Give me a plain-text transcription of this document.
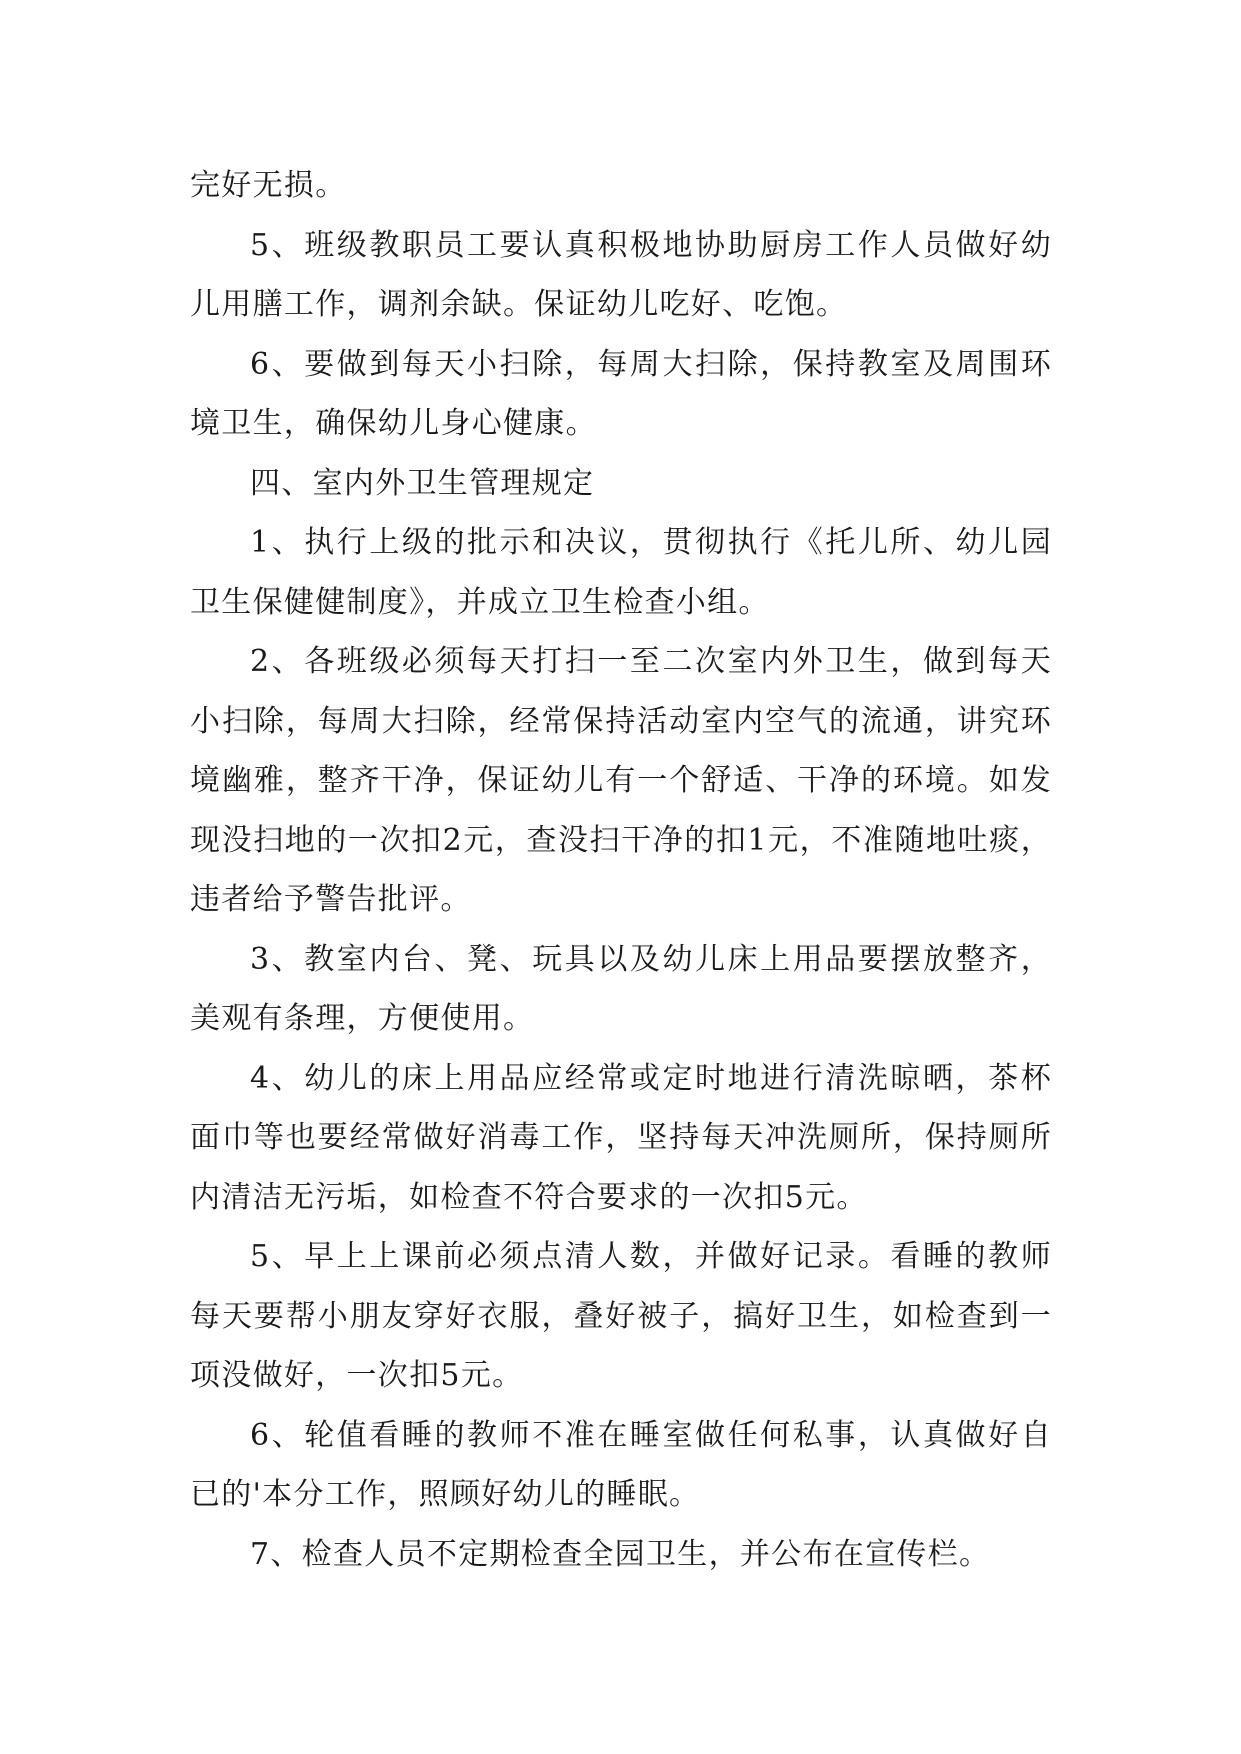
完好无损。

5、班级教职员工要认真积极地协助厨房工作人员做好幼儿用膳工作，调剂余缺。保证幼儿吃好、吃饱。

6、要做到每天小扫除，每周大扫除，保持教室及周围环境卫生，确保幼儿身心健康。

四、室内外卫生管理规定

1、执行上级的批示和决议，贯彻执行《托儿所、幼儿园卫生保健健制度》，并成立卫生检查小组。

2、各班级必须每天打扫一至二次室内外卫生，做到每天小扫除，每周大扫除，经常保持活动室内空气的流通，讲究环境幽雅，整齐干净，保证幼儿有一个舒适、干净的环境。如发现没扫地的一次扣2元，查没扫干净的扣1元，不准随地吐痰，违者给予警告批评。

3、教室内台、凳、玩具以及幼儿床上用品要摆放整齐，美观有条理，方便使用。

4、幼儿的床上用品应经常或定时地进行清洗晾晒，茶杯面巾等也要经常做好消毒工作，坚持每天冲洗厕所，保持厕所内清洁无污垢，如检查不符合要求的一次扣5元。

5、早上上课前必须点清人数，并做好记录。看睡的教师每天要帮小朋友穿好衣服，叠好被子，搞好卫生，如检查到一项没做好，一次扣5元。

6、轮值看睡的教师不准在睡室做任何私事，认真做好自已的'本分工作，照顾好幼儿的睡眠。

7、检查人员不定期检查全园卫生，并公布在宣传栏。
